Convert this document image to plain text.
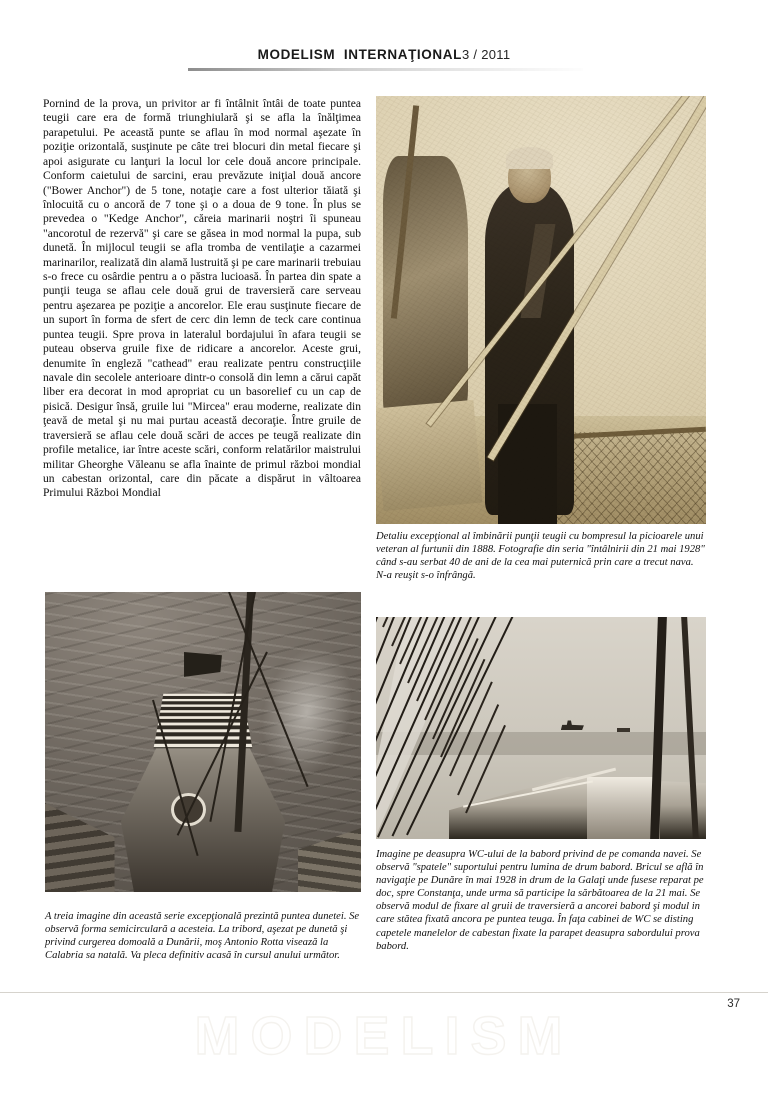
MODELISM  INTERNAŢIONAL3 / 2011

Pornind de la prova, un privitor ar fi întâlnit întâi de toate puntea teugii care era de formă triunghiulară şi se afla la înălţimea parapetului. Pe această punte se aflau în mod normal aşezate în poziţie orizontală, susţinute pe câte trei blocuri din metal fiecare şi apoi asigurate cu lanţuri la locul lor cele două ancore principale. Conform caietului de sarcini, erau prevăzute iniţial două ancore ("Bower Anchor") de 5 tone, notaţie care a fost ulterior tăiată şi înlocuită cu o ancoră de 7 tone şi o a doua de 9 tone. În plus se prevedea o "Kedge Anchor", căreia marinarii noştri îi spuneau "ancorotul de rezervă" şi care se găsea in mod normal la pupa, sub dunetă. În mijlocul teugii se afla tromba de ventilaţie a cazarmei marinarilor, realizată din alamă lustruită şi pe care marinarii trebuiau s-o frece cu osârdie pentru a o păstra lucioasă. În partea din spate a punţii teuga se aflau cele două grui de traversieră care serveau pentru aşezarea pe poziţie a ancorelor. Ele erau susţinute fiecare de un suport în forma de sfert de cerc din lemn de teck care continua puntea teugii. Spre prova in lateralul bordajului în afara teugii se puteau observa gruile fixe de ridicare a ancorelor. Aceste grui, denumite în engleză "cathead" erau realizate pentru construcţiile navale din secolele anterioare dintr-o consolă din lemn a cărui capăt liber era decorat in mod apropriat cu un basorelief cu un cap de pisică. Desigur însă, gruile lui "Mircea" erau moderne, realizate din ţeavă de metal şi nu mai purtau această decoraţie. Între gruile de traversieră se aflau cele două scări de acces pe teugă realizate din profile metalice, iar între aceste scări, conform relatărilor maistrului militar Gheorghe Văleanu se afla înainte de primul război mondial un cabestan orizontal, care din păcate a dispărut in vâltoarea Primului Război Mondial

Detaliu excepţional al îmbinării punţii teugii cu bompresul la picioarele unui veteran al furtunii din 1888. Fotografie din seria "întâlnirii din 21 mai 1928" când s-au serbat 40 de ani de la cea mai puternică prin care a trecut nava. N-a reuşit s-o înfrângă.
A treia imagine din această serie excepţională prezintă puntea dunetei. Se observă forma semicirculară a acesteia. La tribord, aşezat pe dunetă şi privind curgerea domoală a Dunării, moş Antonio Rotta visează la Calabria sa natală. Va pleca definitiv acasă în cursul anului următor.
Imagine pe deasupra WC-ului de la babord privind de pe comanda navei. Se observă "spatele" suportului pentru lumina de drum babord. Bricul se află în navigaţie pe Dunăre în mai 1928 in drum de la Galaţi unde fusese reparat pe doc, spre Constanţa, unde urma să participe la sărbătoarea de la 21 mai. Se observă modul de fixare al gruii de traversieră a ancorei babord şi modul in care stătea fixată ancora pe puntea teuga. În faţa cabinei de WC se disting capetele manelelor de cabestan fixate la parapet deasupra sabordului prova babord.
MODELISM
37
